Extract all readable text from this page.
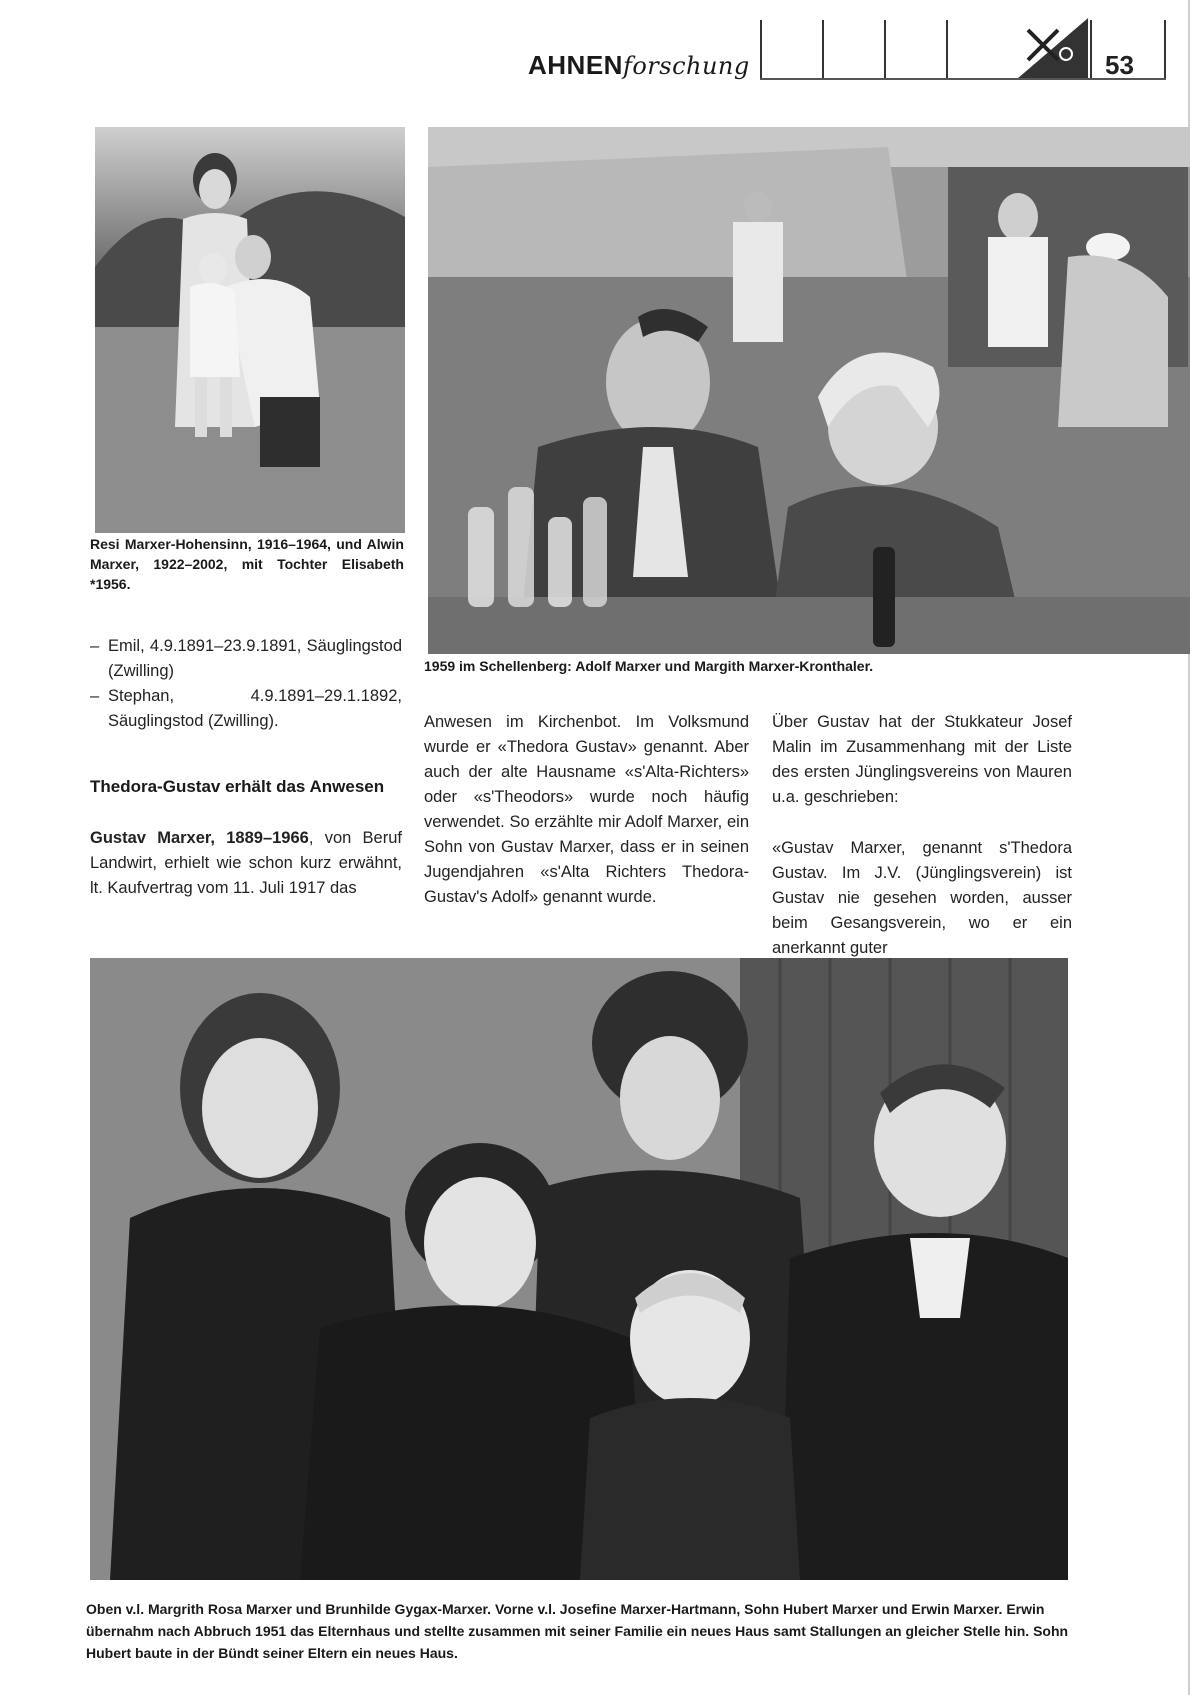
AHNENforschung	53
Resi Marxer-Hohensinn, 1916–1964, und Alwin Marxer, 1922–2002, mit Tochter Elisabeth *1956.
1959 im Schellenberg: Adolf Marxer und Margith Marxer-Kronthaler.
– Emil, 4.9.1891–23.9.1891, Säuglingstod (Zwilling)
– Stephan, 4.9.1891–29.1.1892, Säuglingstod (Zwilling).
Thedora-Gustav erhält das Anwesen

Gustav Marxer, 1889–1966, von Beruf Landwirt, erhielt wie schon kurz erwähnt, lt. Kaufvertrag vom 11. Juli 1917 das

Anwesen im Kirchenbot. Im Volksmund wurde er «Thedora Gustav» genannt. Aber auch der alte Hausname «s'Alta-Richters» oder «s'Theodors» wurde noch häufig verwendet. So erzählte mir Adolf Marxer, ein Sohn von Gustav Marxer, dass er in seinen Jugendjahren «s'Alta Richters Thedora-Gustav's Adolf» genannt wurde.

Über Gustav hat der Stukkateur Josef Malin im Zusammenhang mit der Liste des ersten Jünglingsvereins von Mauren u.a. geschrieben:

«Gustav Marxer, genannt s'Thedora Gustav. Im J.V. (Jünglingsverein) ist Gustav nie gesehen worden, ausser beim Gesangsverein, wo er ein anerkannt guter

Oben v.l. Margrith Rosa Marxer und Brunhilde Gygax-Marxer. Vorne v.l. Josefine Marxer-Hartmann, Sohn Hubert Marxer und Erwin Marxer. Erwin übernahm nach Abbruch 1951 das Elternhaus und stellte zusammen mit seiner Familie ein neues Haus samt Stallungen an gleicher Stelle hin. Sohn Hubert baute in der Bündt seiner Eltern ein neues Haus.
